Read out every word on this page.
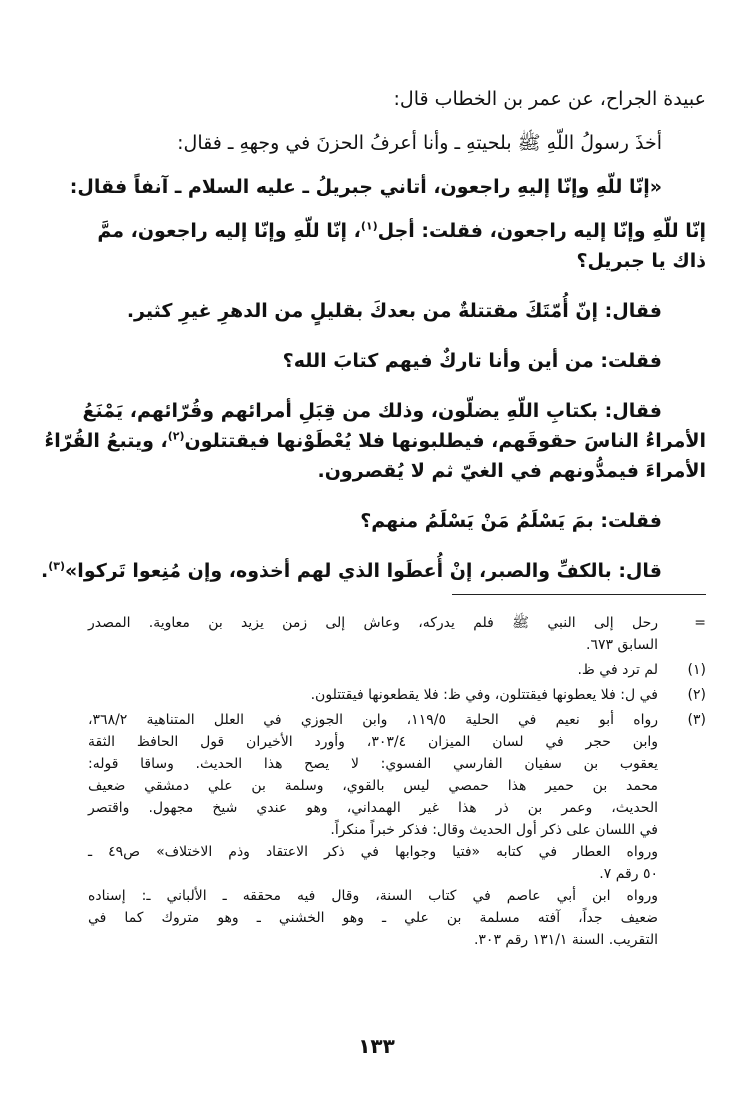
عبيدة الجراح، عن عمر بن الخطاب قال:

أخذَ رسولُ اللّهِ ﷺ بلحيتهِ ـ وأنا أعرفُ الحزنَ في وجههِ ـ فقال:

«إنّا للّهِ وإنّا إليهِ راجعون، أتاني جبريلُ ـ عليه السلام ـ آنفاً فقال:

إنّا للّهِ وإنّا إليه راجعون، فقلت: أجل$^{(١)}$، إنّا للّهِ وإنّا إليه راجعون، ممَّ

ذاك يا جبريل؟

فقال: إنّ أُمّتَكَ مقتتلةٌ من بعدكَ بقليلٍ من الدهرِ غيرِ كثير.

فقلت: من أين وأنا تاركٌ فيهم كتابَ الله؟

فقال: بكتابِ اللّهِ يضلّون، وذلك من قِبَلِ أمرائهم وقُرّائهم، يَمْنَعُ

الأمراءُ الناسَ حقوقَهم، فيطلبونها فلا يُعْطَوْنها فيقتتلون$^{(٢)}$، ويتبعُ القُرّاءُ

الأمراءَ فيمدُّونهم في الغيّ ثم لا يُقصرون.

فقلت: بمَ يَسْلَمُ مَنْ يَسْلَمُ منهم؟

قال: بالكفِّ والصبر، إنْ أُعطَوا الذي لهم أخذوه، وإن مُنِعوا تَركوا»$^{(٣)}$.

=
رحل إلى النبي ﷺ فلم يدركه، وعاش إلى زمن يزيد بن معاوية. المصدر
السابق ٦٧٣.
(١)
لم ترد في ظ.
(٢)
في ل: فلا يعطونها فيقتتلون، وفي ظ: فلا يقطعونها فيقتتلون.
(٣)
رواه أبو نعيم في الحلية ١١٩/٥، وابن الجوزي في العلل المتناهية ٣٦٨/٢،
وابن حجر في لسان الميزان ٣٠٣/٤، وأورد الأخيران قول الحافظ الثقة
يعقوب بن سفيان الفارسي الفسوي: لا يصح هذا الحديث. وساقا قوله:
محمد بن حمير هذا حمصي ليس بالقوي، وسلمة بن علي دمشقي ضعيف
الحديث، وعمر بن ذر هذا غير الهمداني، وهو عندي شيخ مجهول. واقتصر
في اللسان على ذكر أول الحديث وقال: فذكر خبراً منكراً.
ورواه العطار في كتابه «فتيا وجوابها في ذكر الاعتقاد وذم الاختلاف» ص٤٩ ـ
٥٠ رقم ٧.
ورواه ابن أبي عاصم في كتاب السنة، وقال فيه محققه ـ الألباني ـ: إسناده
ضعيف جداً، آفته مسلمة بن علي ـ وهو الخشني ـ وهو متروك كما في
التقريب. السنة ١٣١/١ رقم ٣٠٣.
١٣٣
